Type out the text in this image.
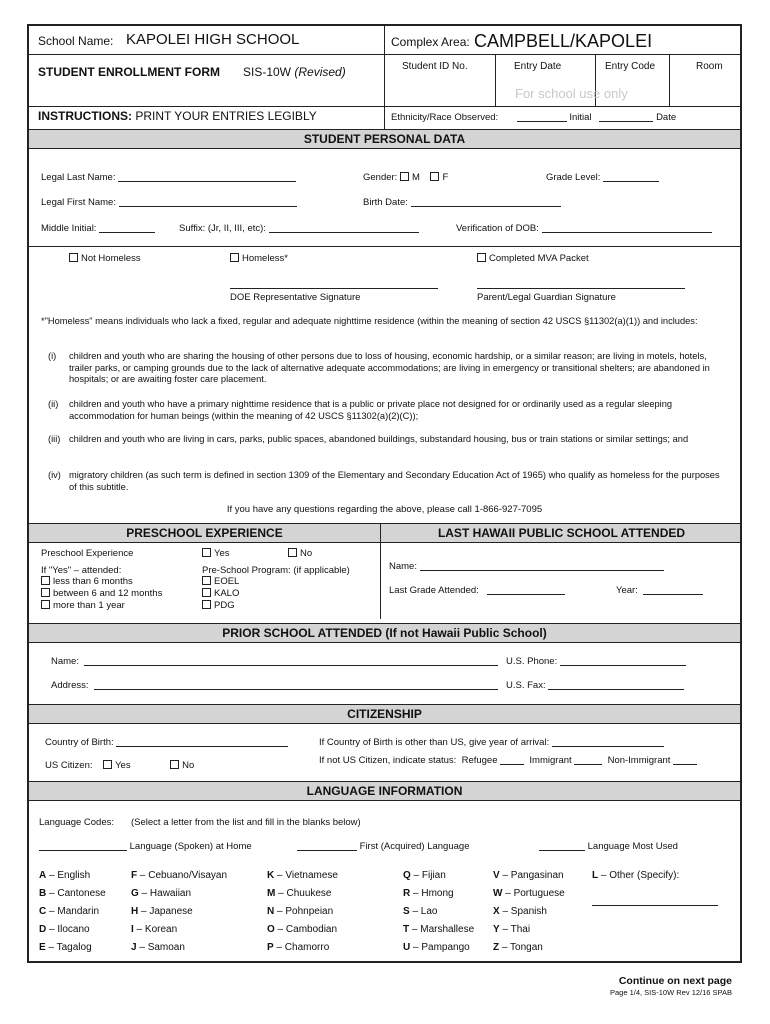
School Name: KAPOLEI HIGH SCHOOL	Complex Area: CAMPBELL/KAPOLEI
STUDENT ENROLLMENT FORM SIS-10W (Revised)	Student ID No.	Entry Date	Entry Code	Room
For school use only
INSTRUCTIONS: PRINT YOUR ENTRIES LEGIBLY	Ethnicity/Race Observed:	Initial	Date
STUDENT PERSONAL DATA
Legal Last Name:	Gender: M F	Grade Level:
Legal First Name:	Birth Date:
Middle Initial:	Suffix: (Jr, II, III, etc):	Verification of DOB:
Not Homeless	Homeless*	Completed MVA Packet
DOE Representative Signature	Parent/Legal Guardian Signature
*"Homeless" means individuals who lack a fixed, regular and adequate nighttime residence (within the meaning of section 42 USCS §11302(a)(1)) and includes:
(i) children and youth who are sharing the housing of other persons due to loss of housing, economic hardship, or a similar reason; are living in motels, hotels, trailer parks, or camping grounds due to the lack of alternative adequate accommodations; are living in emergency or transitional shelters; are abandoned in hospitals; or are awaiting foster care placement.
(ii) children and youth who have a primary nighttime residence that is a public or private place not designed for or ordinarily used as a regular sleeping accommodation for human beings (within the meaning of 42 USCS §11302(a)(2)(C));
(iii) children and youth who are living in cars, parks, public spaces, abandoned buildings, substandard housing, bus or train stations or similar settings; and
(iv) migratory children (as such term is defined in section 1309 of the Elementary and Secondary Education Act of 1965) who qualify as homeless for the purposes of this subtitle.
If you have any questions regarding the above, please call 1-866-927-7095
PRESCHOOL EXPERIENCE	LAST HAWAII PUBLIC SCHOOL ATTENDED
Preschool Experience	Yes	No
If "Yes" – attended:
less than 6 months
between 6 and 12 months
more than 1 year
Pre-School Program: (if applicable)
EOEL
KALO
PDG
Name:
Last Grade Attended:	Year:
PRIOR SCHOOL ATTENDED (If not Hawaii Public School)
Name:	U.S. Phone:
Address:	U.S. Fax:
CITIZENSHIP
Country of Birth:	If Country of Birth is other than US, give year of arrival:
US Citizen: Yes	No	If not US Citizen, indicate status: Refugee	Immigrant	Non-Immigrant
LANGUAGE INFORMATION
Language Codes: (Select a letter from the list and fill in the blanks below)
Language (Spoken) at Home	First (Acquired) Language	Language Most Used
A – English
B – Cantonese
C – Mandarin
D – Ilocano
E – Tagalog
F – Cebuano/Visayan
G – Hawaiian
H – Japanese
I – Korean
J – Samoan
K – Vietnamese
M – Chuukese
N – Pohnpeian
O – Cambodian
P – Chamorro
Q – Fijian
R – Hmong
S – Lao
T – Marshallese
U – Pampango
V – Pangasinan
W – Portuguese
X – Spanish
Y – Thai
Z – Tongan
L – Other (Specify):
Continue on next page
Page 1/4, SIS-10W Rev 12/16 SPAB
